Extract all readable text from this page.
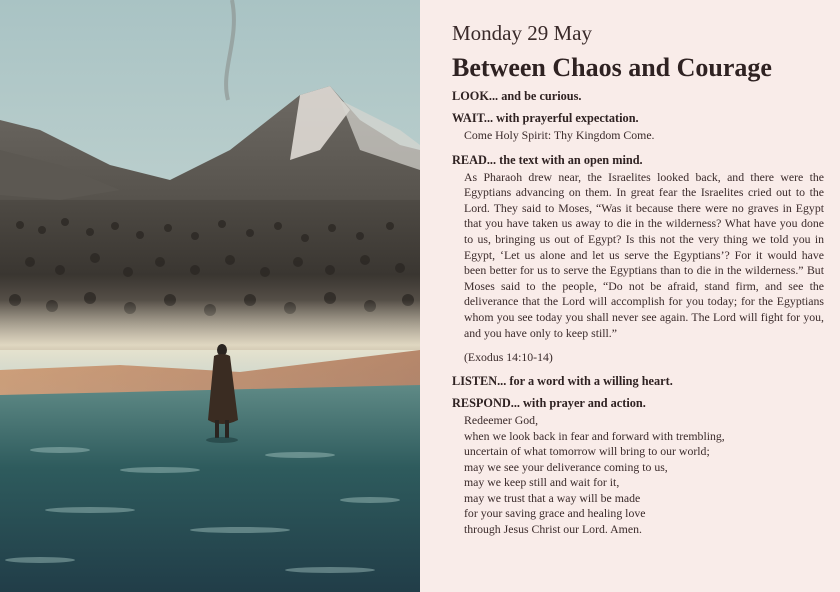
Monday 29 May
Between Chaos and Courage

LOOK... and be curious.

WAIT... with prayerful expectation.

Come Holy Spirit: Thy Kingdom Come.

READ... the text with an open mind.

As Pharaoh drew near, the Israelites looked back, and there were the Egyptians advancing on them. In great fear the Israelites cried out to the Lord. They said to Moses, “Was it because there were no graves in Egypt that you have taken us away to die in the wilderness? What have you done to us, bringing us out of Egypt? Is this not the very thing we told you in Egypt, ‘Let us alone and let us serve the Egyptians’? For it would have been better for us to serve the Egyptians than to die in the wilderness.” But Moses said to the people, “Do not be afraid, stand firm, and see the deliverance that the Lord will accomplish for you today; for the Egyptians whom you see today you shall never see again. The Lord will fight for you, and you have only to keep still.”

(Exodus 14:10-14)

LISTEN... for a word with a willing heart.

RESPOND... with prayer and action.

Redeemer God,
when we look back in fear and forward with trembling,
uncertain of what tomorrow will bring to our world;
may we see your deliverance coming to us,
may we keep still and wait for it,
may we trust that a way will be made
for your saving grace and healing love
through Jesus Christ our Lord. Amen.
